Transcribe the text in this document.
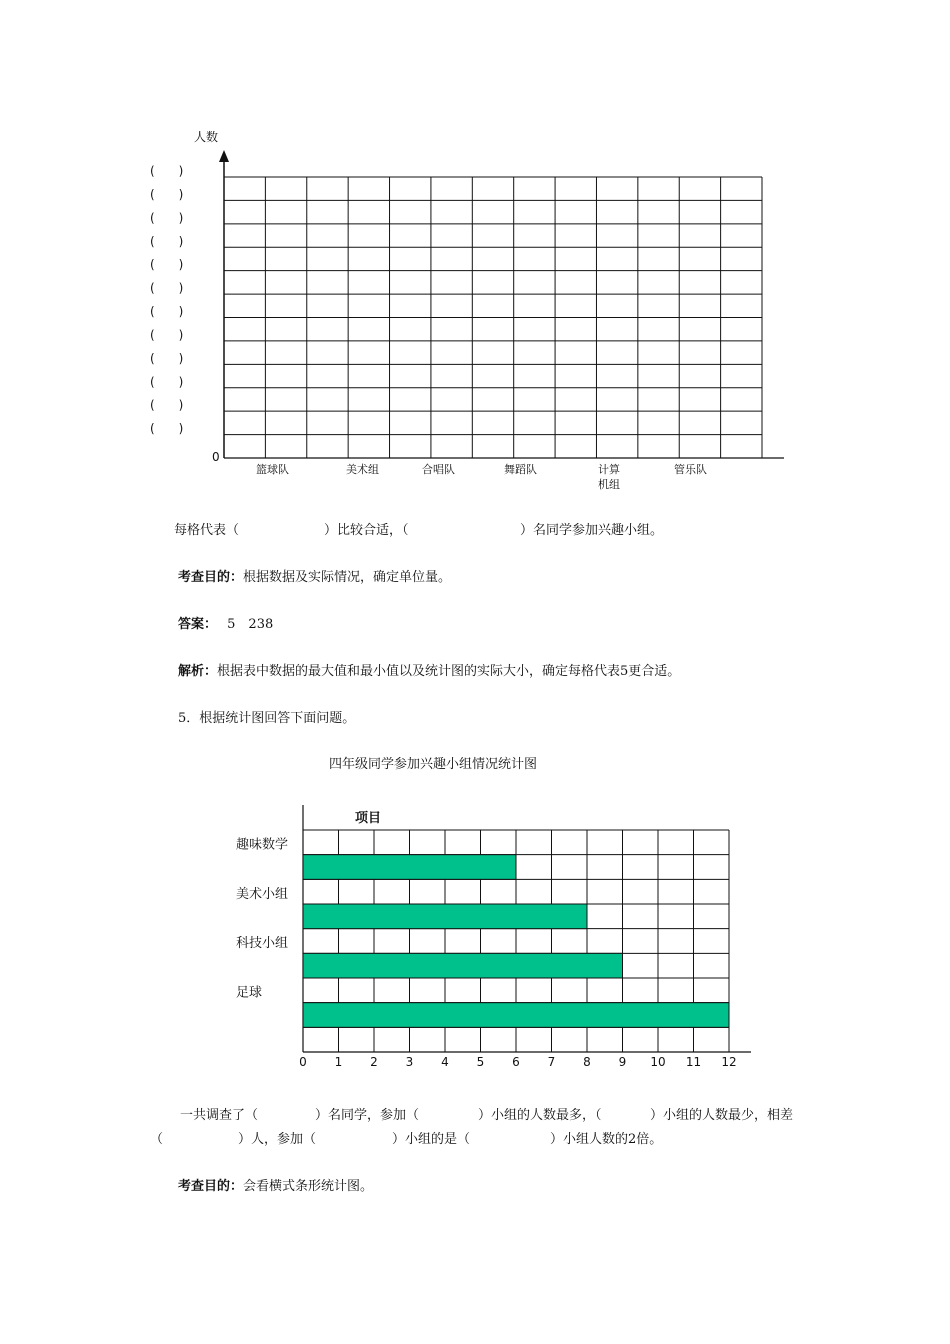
人数
0
(　　)
(　　)
(　　)
(　　)
(　　)
(　　)
(　　)
(　　)
(　　)
(　　)
(　　)
(　　)
篮球队	美术组	合唱队	舞蹈队	计算
机组
管乐队
每格代表（	）比较合适，（	）名同学参加兴趣小组。
考查目的：根据数据及实际情况，确定单位量。
答案： 5　238
解析：根据表中数据的最大值和最小值以及统计图的实际大小，确定每格代表5更合适。
5．根据统计图回答下面问题。
四年级同学参加兴趣小组情况统计图
项目
趣味数学
美术小组
科技小组
足球
0 1 2 3 4 5 6 7 8 9 10 11 12
一共调查了（	）名同学，参加（	）小组的人数最多，（	）小组的人数最少，相差
（	）人，参加（	）小组的是（	）小组人数的2倍。
考查目的：会看横式条形统计图。
